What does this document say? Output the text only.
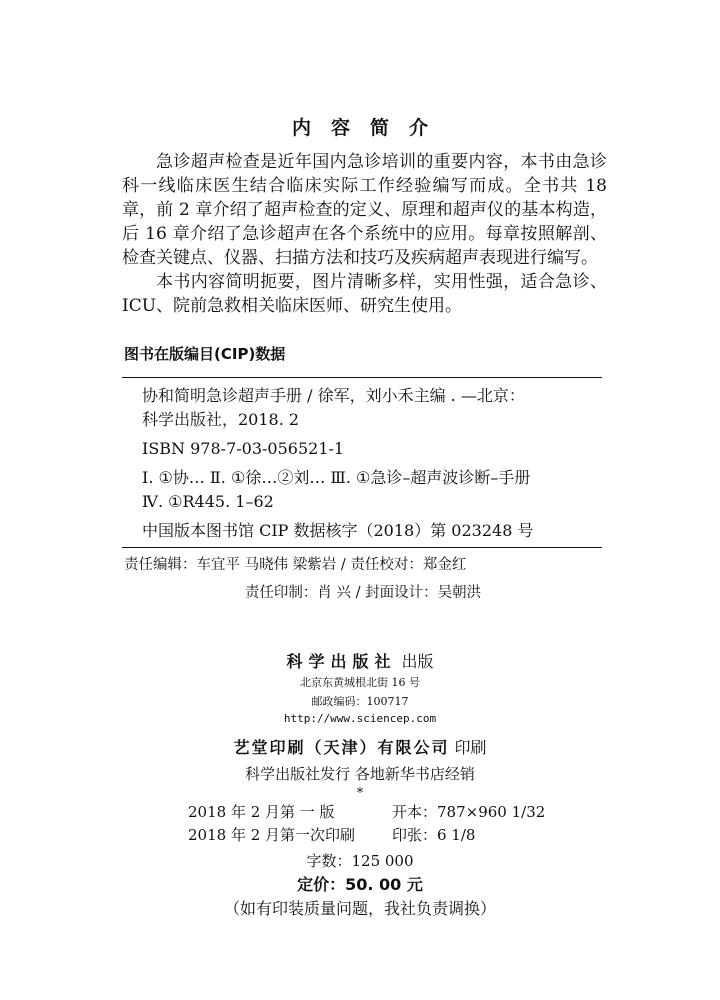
内 容 简 介

急诊超声检查是近年国内急诊培训的重要内容，本书由急诊科一线临床医生结合临床实际工作经验编写而成。全书共 18 章，前 2 章介绍了超声检查的定义、原理和超声仪的基本构造，后 16 章介绍了急诊超声在各个系统中的应用。每章按照解剖、检查关键点、仪器、扫描方法和技巧及疾病超声表现进行编写。

本书内容简明扼要，图片清晰多样，实用性强，适合急诊、ICU、院前急救相关临床医师、研究生使用。

图书在版编目(CIP)数据
协和简明急诊超声手册 / 徐军，刘小禾主编 . —北京：
科学出版社，2018. 2
ISBN 978-7-03-056521-1
Ⅰ. ①协… Ⅱ. ①徐…②刘… Ⅲ. ①急诊–超声波诊断–手册
Ⅳ. ①R445. 1–62
中国版本图书馆 CIP 数据核字（2018）第 023248 号
责任编辑：车宜平 马晓伟 梁紫岩 / 责任校对：郑金红
责任印制：肖 兴 / 封面设计：吴朝洪
科学出版社 出版
北京东黄城根北街 16 号
邮政编码：100717
http://www.sciencep.com
艺堂印刷（天津）有限公司 印刷
科学出版社发行 各地新华书店经销
*
2018 年 2 月第 一 版	开本：787×960 1/32
2018 年 2 月第一次印刷 印张：6 1/8
字数：125 000
定价：50. 00 元
（如有印装质量问题，我社负责调换）
